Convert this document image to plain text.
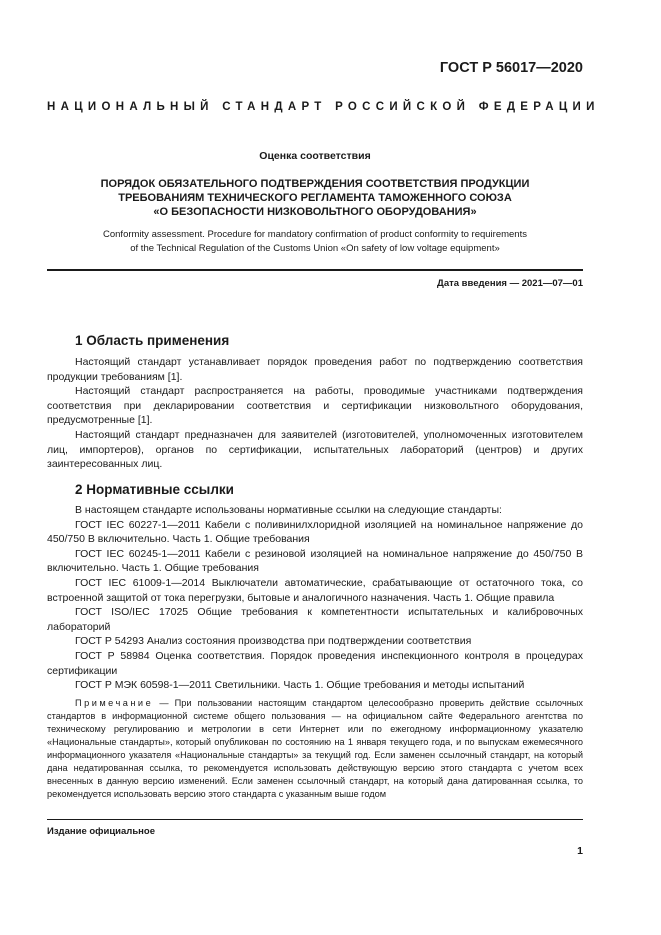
ГОСТ Р 56017—2020
НАЦИОНАЛЬНЫЙ СТАНДАРТ РОССИЙСКОЙ ФЕДЕРАЦИИ
Оценка соответствия
ПОРЯДОК ОБЯЗАТЕЛЬНОГО ПОДТВЕРЖДЕНИЯ СООТВЕТСТВИЯ ПРОДУКЦИИ
ТРЕБОВАНИЯМ ТЕХНИЧЕСКОГО РЕГЛАМЕНТА ТАМОЖЕННОГО СОЮЗА
«О БЕЗОПАСНОСТИ НИЗКОВОЛЬТНОГО ОБОРУДОВАНИЯ»
Conformity assessment. Procedure for mandatory confirmation of product conformity to requirements
of the Technical Regulation of the Customs Union «On safety of low voltage equipment»
Дата введения — 2021—07—01
1 Область применения

Настоящий стандарт устанавливает порядок проведения работ по подтверждению соответствия продукции требованиям [1].

Настоящий стандарт распространяется на работы, проводимые участниками подтверждения соответствия при декларировании соответствия и сертификации низковольтного оборудования, предусмотренные [1].

Настоящий стандарт предназначен для заявителей (изготовителей, уполномоченных изготовителем лиц, импортеров), органов по сертификации, испытательных лабораторий (центров) и других заинтересованных лиц.

2 Нормативные ссылки

В настоящем стандарте использованы нормативные ссылки на следующие стандарты:

ГОСТ IEC 60227-1—2011 Кабели с поливинилхлоридной изоляцией на номинальное напряжение до 450/750 В включительно. Часть 1. Общие требования

ГОСТ IEC 60245-1—2011 Кабели с резиновой изоляцией на номинальное напряжение до 450/750 В включительно. Часть 1. Общие требования

ГОСТ IEC 61009-1—2014 Выключатели автоматические, срабатывающие от остаточного тока, со встроенной защитой от тока перегрузки, бытовые и аналогичного назначения. Часть 1. Общие правила

ГОСТ ISO/IEC 17025 Общие требования к компетентности испытательных и калибровочных лабораторий

ГОСТ Р 54293 Анализ состояния производства при подтверждении соответствия

ГОСТ Р 58984 Оценка соответствия. Порядок проведения инспекционного контроля в процедурах сертификации

ГОСТ Р МЭК 60598-1—2011 Светильники. Часть 1. Общие требования и методы испытаний

Примечание — При пользовании настоящим стандартом целесообразно проверить действие ссылочных стандартов в информационной системе общего пользования — на официальном сайте Федерального агентства по техническому регулированию и метрологии в сети Интернет или по ежегодному информационному указателю «Национальные стандарты», который опубликован по состоянию на 1 января текущего года, и по выпускам ежемесячного информационного указателя «Национальные стандарты» за текущий год. Если заменен ссылочный стандарт, на который дана недатированная ссылка, то рекомендуется использовать действующую версию этого стандарта с учетом всех внесенных в данную версию изменений. Если заменен ссылочный стандарт, на который дана датированная ссылка, то рекомендуется использовать версию этого стандарта с указанным выше годом

Издание официальное
1
